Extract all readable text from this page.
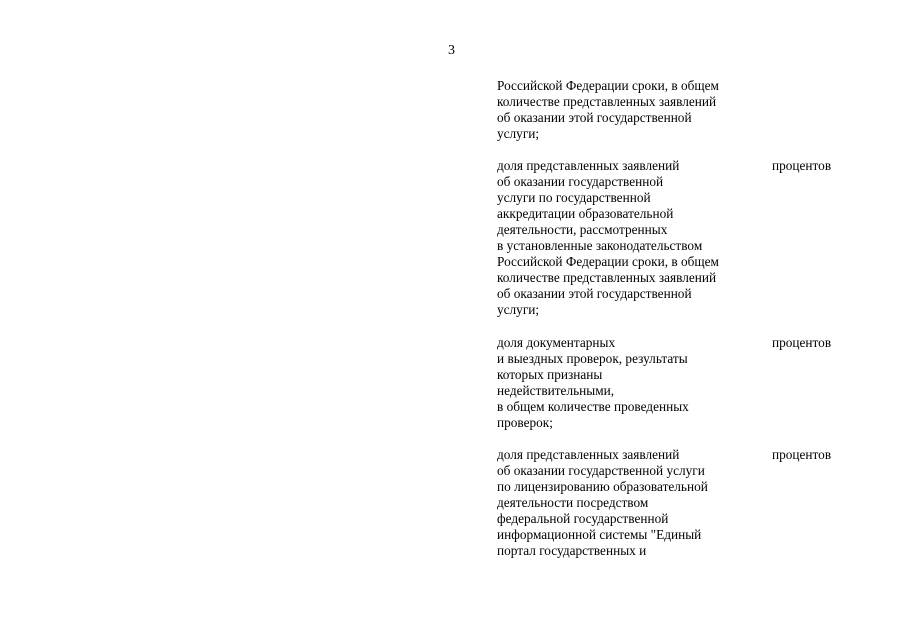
3
Российской Федерации сроки, в общем
количестве представленных заявлений
об оказании этой государственной
услуги;
доля представленных заявлений
об оказании государственной
услуги по государственной
аккредитации образовательной
деятельности, рассмотренных
в установленные законодательством
Российской Федерации сроки, в общем
количестве представленных заявлений
об оказании этой государственной
услуги;
процентов
доля документарных
и выездных проверок, результаты
которых признаны
недействительными,
в общем количестве проведенных
проверок;
процентов
доля представленных заявлений
об оказании государственной услуги
по лицензированию образовательной
деятельности посредством
федеральной государственной
информационной системы "Единый
портал государственных и
процентов
